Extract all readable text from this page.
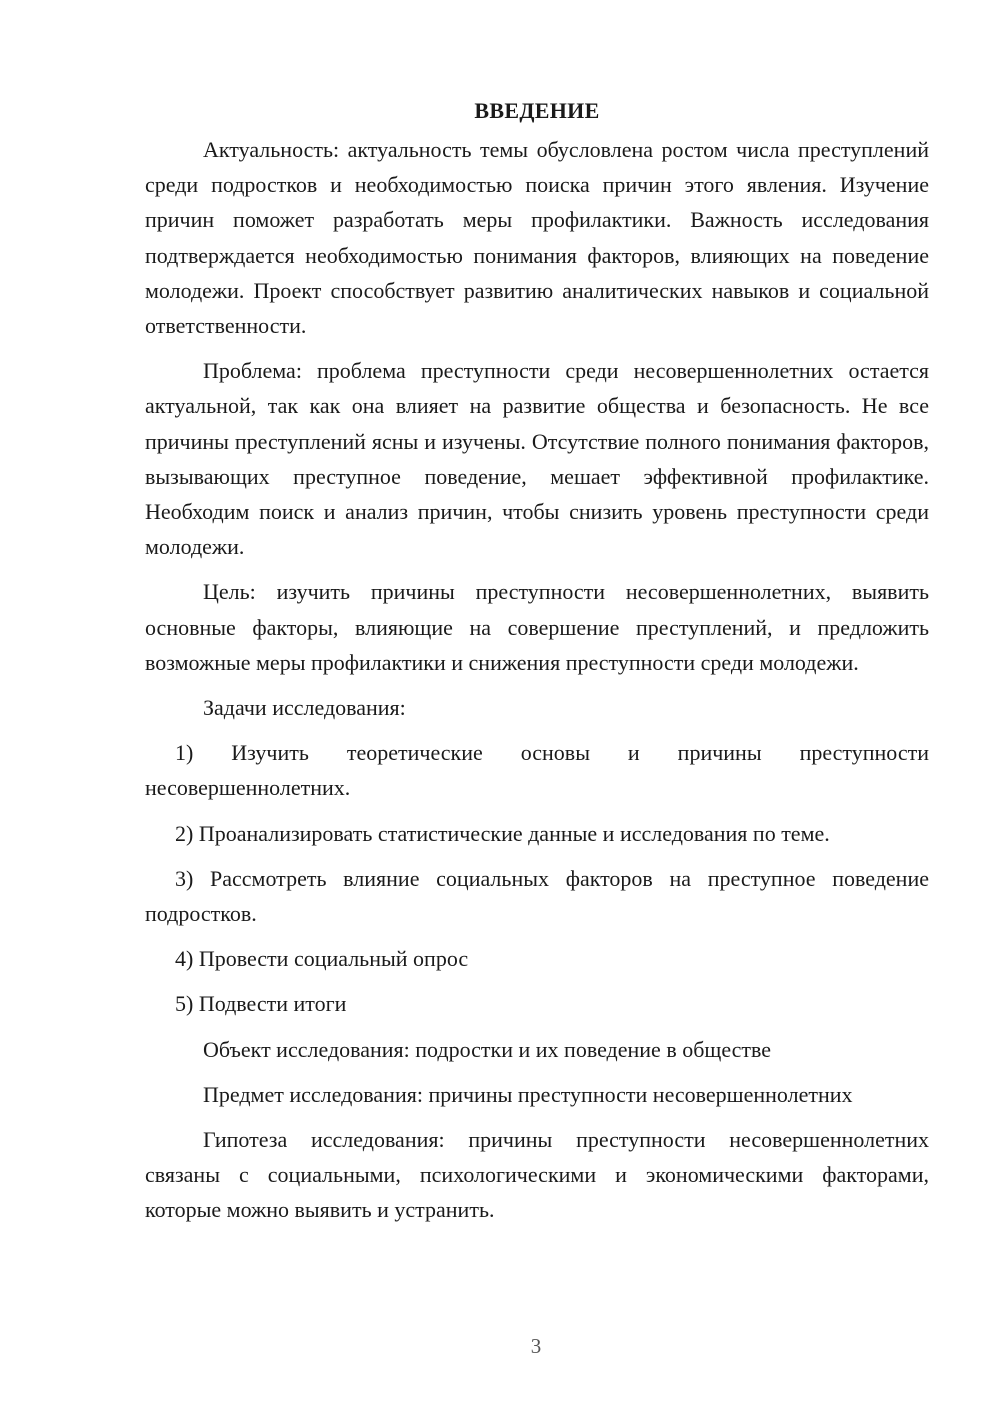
ВВЕДЕНИЕ

Актуальность: актуальность темы обусловлена ростом числа преступлений среди подростков и необходимостью поиска причин этого явления. Изучение причин поможет разработать меры профилактики. Важность исследования подтверждается необходимостью понимания факторов, влияющих на поведение молодежи. Проект способствует развитию аналитических навыков и социальной ответственности.

Проблема: проблема преступности среди несовершеннолетних остается актуальной, так как она влияет на развитие общества и безопасность. Не все причины преступлений ясны и изучены. Отсутствие полного понимания факторов, вызывающих преступное поведение, мешает эффективной профилактике. Необходим поиск и анализ причин, чтобы снизить уровень преступности среди молодежи.

Цель: изучить причины преступности несовершеннолетних, выявить основные факторы, влияющие на совершение преступлений, и предложить возможные меры профилактики и снижения преступности среди молодежи.

Задачи исследования:

1) Изучить теоретические основы и причины преступности несовершеннолетних.

2) Проанализировать статистические данные и исследования по теме.

3) Рассмотреть влияние социальных факторов на преступное поведение подростков.

4) Провести социальный опрос

5) Подвести итоги

Объект исследования: подростки и их поведение в обществе

Предмет исследования: причины преступности несовершеннолетних

Гипотеза исследования: причины преступности несовершеннолетних связаны с социальными, психологическими и экономическими факторами, которые можно выявить и устранить.

3
